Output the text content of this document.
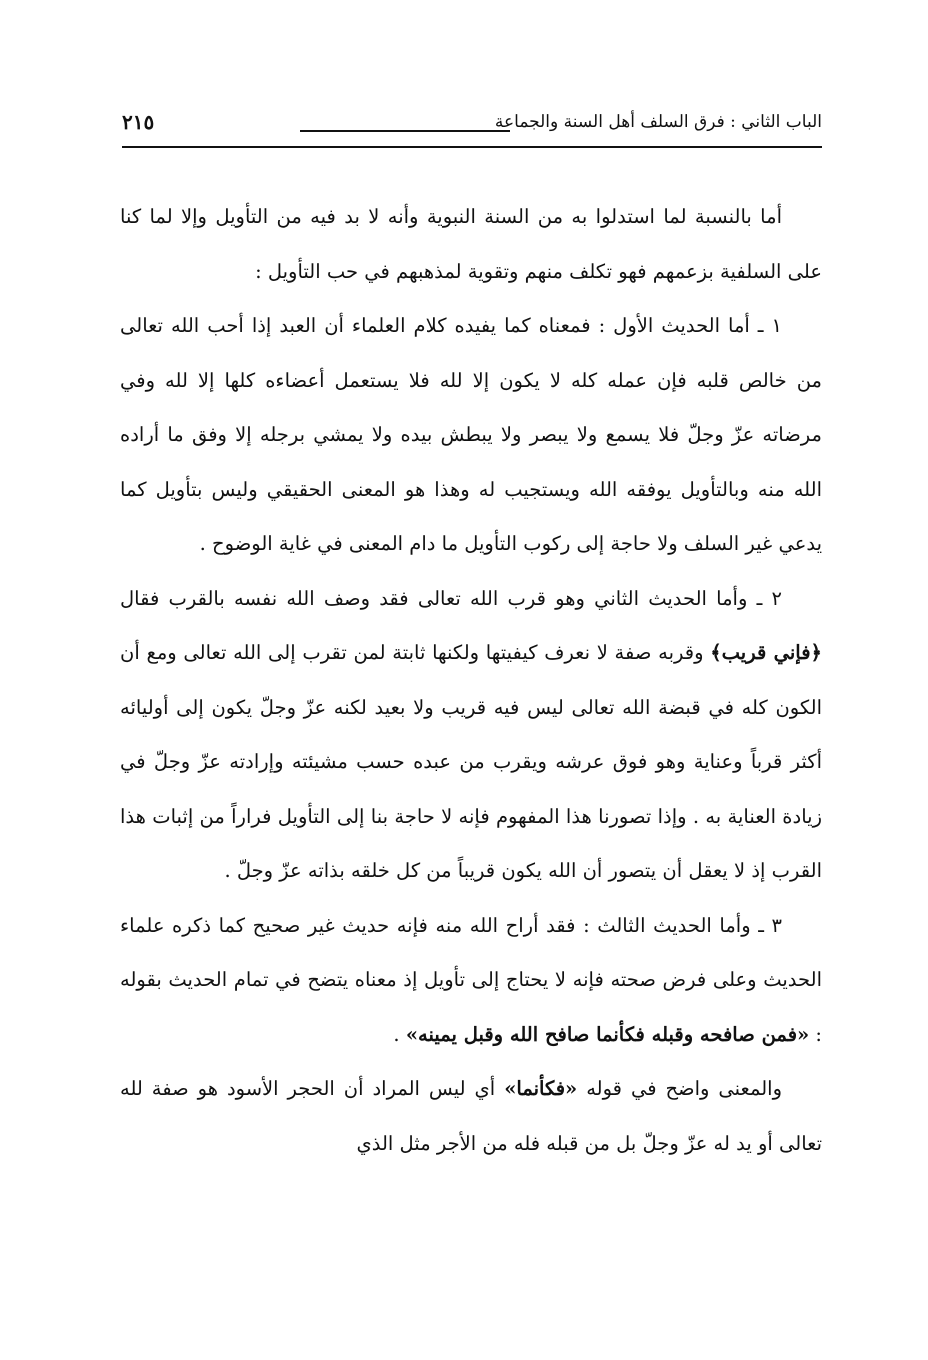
الباب الثاني : فرق السلف أهل السنة والجماعة
٢١٥

أما بالنسبة لما استدلوا به من السنة النبوية وأنه لا بد فيه من التأويل وإلا لما كنا على السلفية بزعمهم فهو تكلف منهم وتقوية لمذهبهم في حب التأويل :

١ ـ أما الحديث الأول : فمعناه كما يفيده كلام العلماء أن العبد إذا أحب الله تعالى من خالص قلبه فإن عمله كله لا يكون إلا لله فلا يستعمل أعضاءه كلها إلا لله وفي مرضاته عزّ وجلّ فلا يسمع ولا يبصر ولا يبطش بيده ولا يمشي برجله إلا وفق ما أراده الله منه وبالتأويل يوفقه الله ويستجيب له وهذا هو المعنى الحقيقي وليس بتأويل كما يدعي غير السلف ولا حاجة إلى ركوب التأويل ما دام المعنى في غاية الوضوح .

٢ ـ وأما الحديث الثاني وهو قرب الله تعالى فقد وصف الله نفسه بالقرب فقال ﴿فإني قريب﴾ وقربه صفة لا نعرف كيفيتها ولكنها ثابتة لمن تقرب إلى الله تعالى ومع أن الكون كله في قبضة الله تعالى ليس فيه قريب ولا بعيد لكنه عزّ وجلّ يكون إلى أوليائه أكثر قرباً وعناية وهو فوق عرشه ويقرب من عبده حسب مشيئته وإرادته عزّ وجلّ في زيادة العناية به . وإذا تصورنا هذا المفهوم فإنه لا حاجة بنا إلى التأويل فراراً من إثبات هذا القرب إذ لا يعقل أن يتصور أن الله يكون قريباً من كل خلقه بذاته عزّ وجلّ .

٣ ـ وأما الحديث الثالث : فقد أراح الله منه فإنه حديث غير صحيح كما ذكره علماء الحديث وعلى فرض صحته فإنه لا يحتاج إلى تأويل إذ معناه يتضح في تمام الحديث بقوله : «فمن صافحه وقبله فكأنما صافح الله وقبل يمينه» .

والمعنى واضح في قوله «فكأنما» أي ليس المراد أن الحجر الأسود هو صفة لله تعالى أو يد له عزّ وجلّ بل من قبله فله من الأجر مثل الذي
